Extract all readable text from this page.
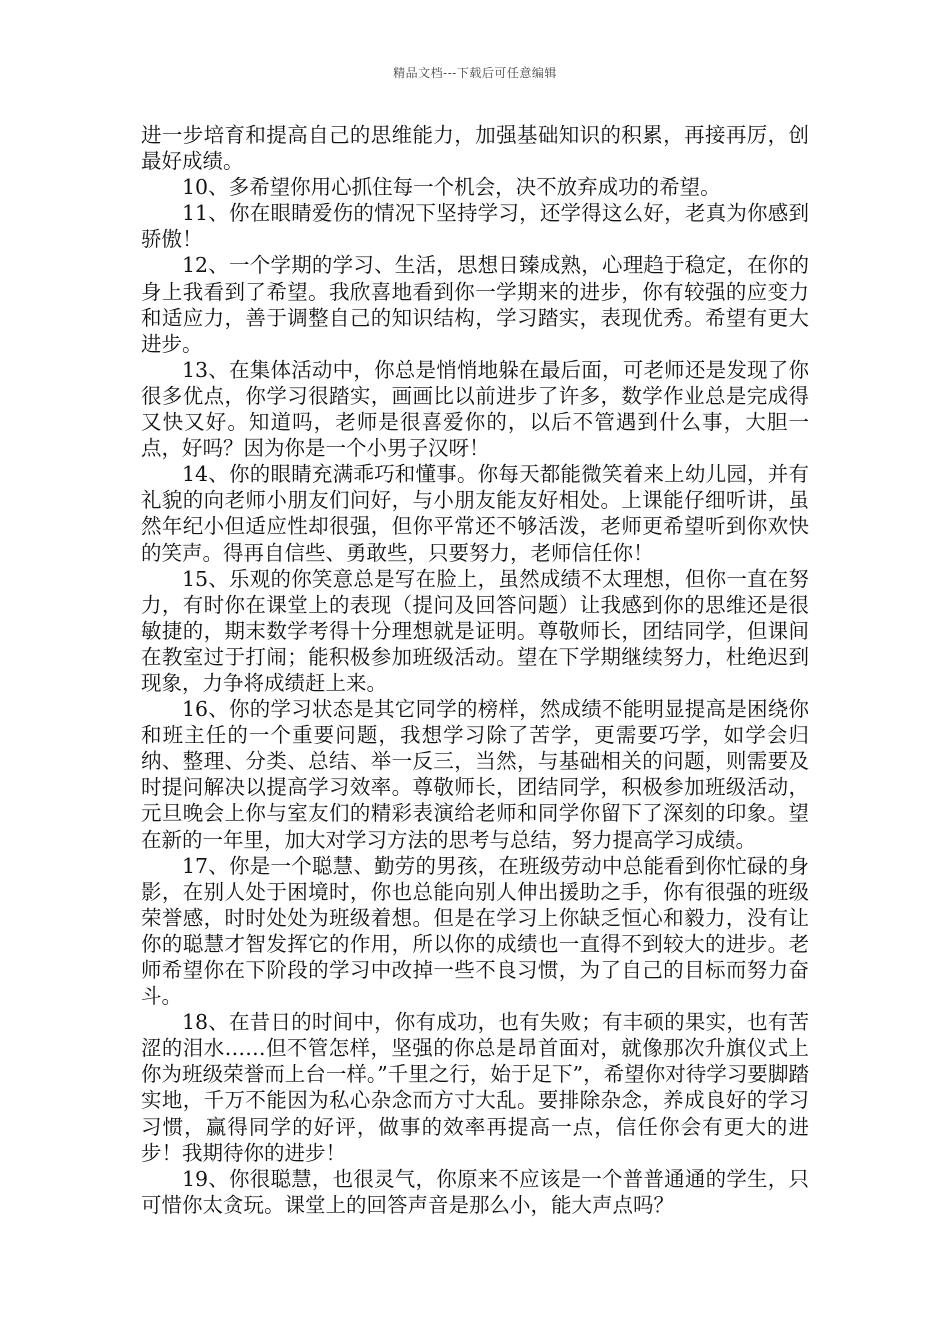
精品文档---下载后可任意编辑

进一步培育和提高自己的思维能力，加强基础知识的积累，再接再厉，创最好成绩。

10、多希望你用心抓住每一个机会，决不放弃成功的希望。

11、你在眼睛爱伤的情况下坚持学习，还学得这么好，老真为你感到骄傲！

12、一个学期的学习、生活，思想日臻成熟，心理趋于稳定，在你的身上我看到了希望。我欣喜地看到你一学期来的进步，你有较强的应变力和适应力，善于调整自己的知识结构，学习踏实，表现优秀。希望有更大进步。

13、在集体活动中，你总是悄悄地躲在最后面，可老师还是发现了你很多优点，你学习很踏实，画画比以前进步了许多，数学作业总是完成得又快又好。知道吗，老师是很喜爱你的，以后不管遇到什么事，大胆一点，好吗？因为你是一个小男子汉呀！

14、你的眼睛充满乖巧和懂事。你每天都能微笑着来上幼儿园，并有礼貌的向老师小朋友们问好，与小朋友能友好相处。上课能仔细听讲，虽然年纪小但适应性却很强，但你平常还不够活泼，老师更希望听到你欢快的笑声。得再自信些、勇敢些，只要努力，老师信任你！

15、乐观的你笑意总是写在脸上，虽然成绩不太理想，但你一直在努力，有时你在课堂上的表现（提问及回答问题）让我感到你的思维还是很敏捷的，期末数学考得十分理想就是证明。尊敬师长，团结同学，但课间在教室过于打闹；能积极参加班级活动。望在下学期继续努力，杜绝迟到现象，力争将成绩赶上来。

16、你的学习状态是其它同学的榜样，然成绩不能明显提高是困绕你和班主任的一个重要问题，我想学习除了苦学，更需要巧学，如学会归纳、整理、分类、总结、举一反三，当然，与基础相关的问题，则需要及时提问解决以提高学习效率。尊敬师长，团结同学，积极参加班级活动，元旦晚会上你与室友们的精彩表演给老师和同学你留下了深刻的印象。望在新的一年里，加大对学习方法的思考与总结，努力提高学习成绩。

17、你是一个聪慧、勤劳的男孩，在班级劳动中总能看到你忙碌的身影，在别人处于困境时，你也总能向别人伸出援助之手，你有很强的班级荣誉感，时时处处为班级着想。但是在学习上你缺乏恒心和毅力，没有让你的聪慧才智发挥它的作用，所以你的成绩也一直得不到较大的进步。老师希望你在下阶段的学习中改掉一些不良习惯，为了自己的目标而努力奋斗。

18、在昔日的时间中，你有成功，也有失败；有丰硕的果实，也有苦涩的泪水……但不管怎样，坚强的你总是昂首面对，就像那次升旗仪式上你为班级荣誉而上台一样。”千里之行，始于足下”，希望你对待学习要脚踏实地，千万不能因为私心杂念而方寸大乱。要排除杂念，养成良好的学习习惯，赢得同学的好评，做事的效率再提高一点，信任你会有更大的进步！我期待你的进步！

19、你很聪慧，也很灵气，你原来不应该是一个普普通通的学生，只可惜你太贪玩。课堂上的回答声音是那么小，能大声点吗？
